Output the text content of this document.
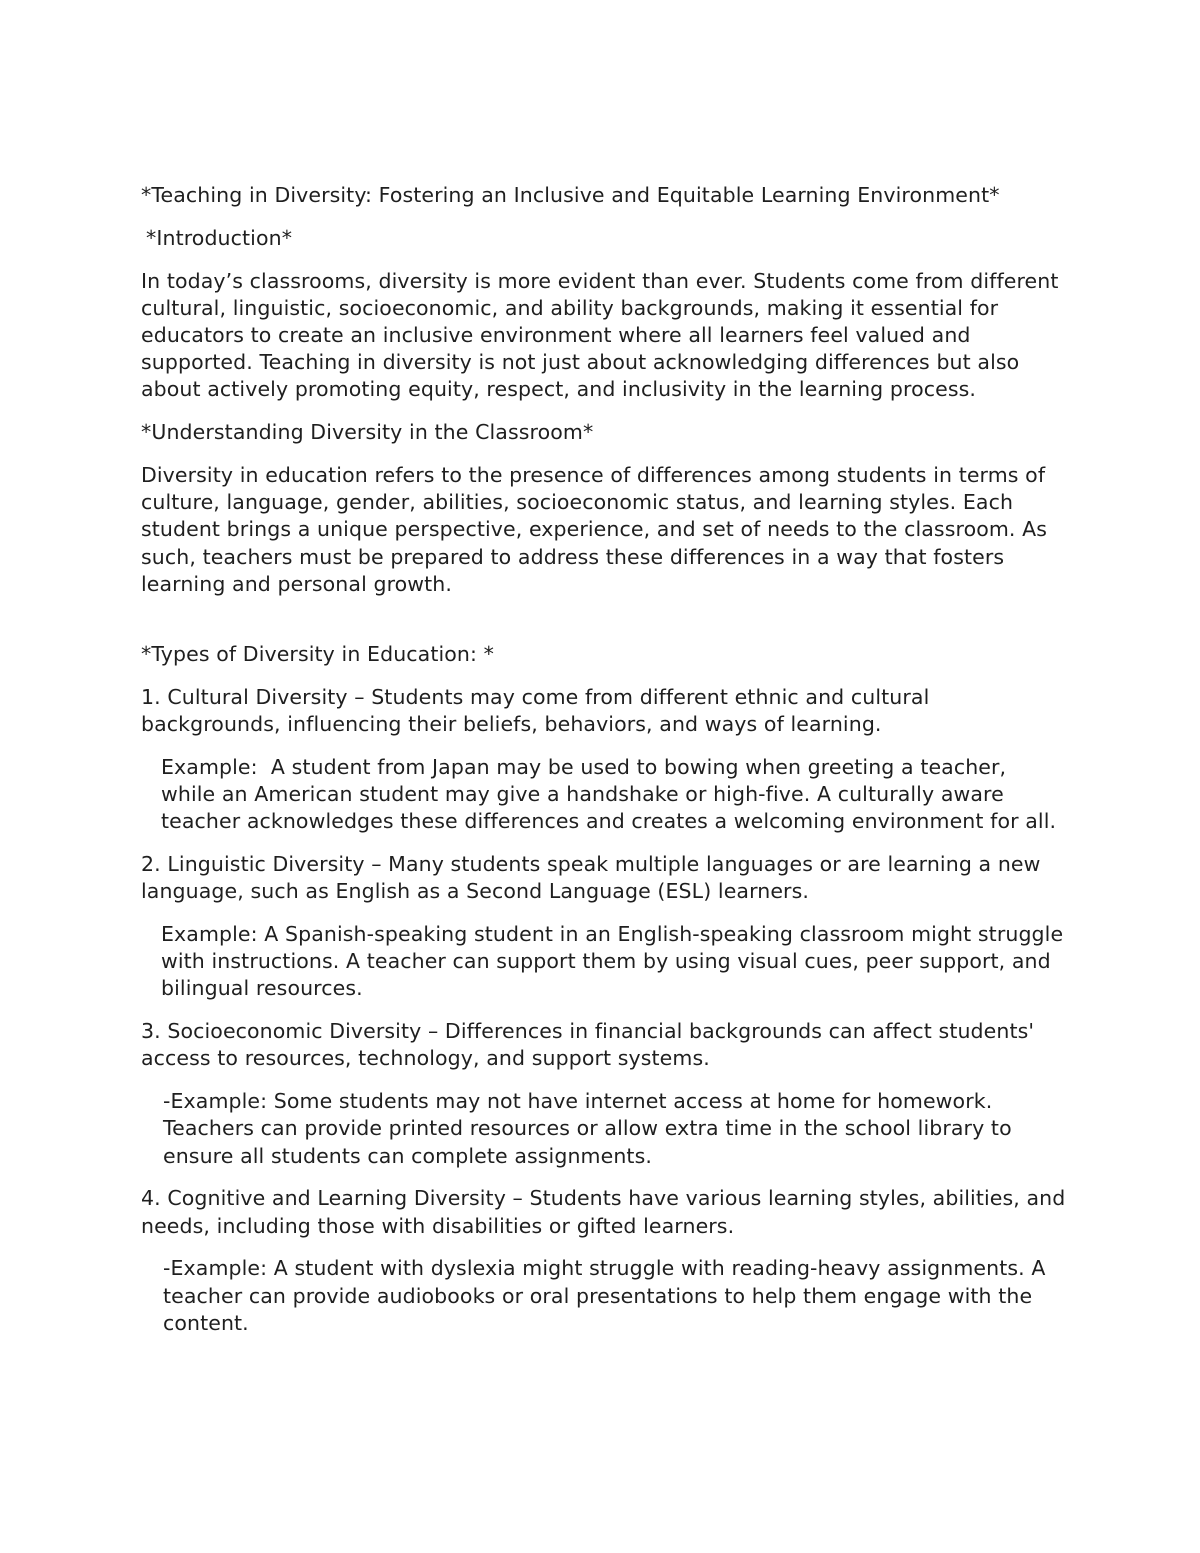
*Teaching in Diversity: Fostering an Inclusive and Equitable Learning Environment*

*Introduction*

In today’s classrooms, diversity is more evident than ever. Students come from different cultural, linguistic, socioeconomic, and ability backgrounds, making it essential for educators to create an inclusive environment where all learners feel valued and supported. Teaching in diversity is not just about acknowledging differences but also about actively promoting equity, respect, and inclusivity in the learning process.

*Understanding Diversity in the Classroom*

Diversity in education refers to the presence of differences among students in terms of culture, language, gender, abilities, socioeconomic status, and learning styles. Each student brings a unique perspective, experience, and set of needs to the classroom. As such, teachers must be prepared to address these differences in a way that fosters learning and personal growth.

*Types of Diversity in Education: *

1. Cultural Diversity – Students may come from different ethnic and cultural backgrounds, influencing their beliefs, behaviors, and ways of learning.

Example:  A student from Japan may be used to bowing when greeting a teacher, while an American student may give a handshake or high-five. A culturally aware teacher acknowledges these differences and creates a welcoming environment for all.

2. Linguistic Diversity – Many students speak multiple languages or are learning a new language, such as English as a Second Language (ESL) learners.

Example: A Spanish-speaking student in an English-speaking classroom might struggle with instructions. A teacher can support them by using visual cues, peer support, and bilingual resources.

3. Socioeconomic Diversity – Differences in financial backgrounds can affect students' access to resources, technology, and support systems.

-Example: Some students may not have internet access at home for homework. Teachers can provide printed resources or allow extra time in the school library to ensure all students can complete assignments.

4. Cognitive and Learning Diversity – Students have various learning styles, abilities, and needs, including those with disabilities or gifted learners.

-Example: A student with dyslexia might struggle with reading-heavy assignments. A teacher can provide audiobooks or oral presentations to help them engage with the content.
